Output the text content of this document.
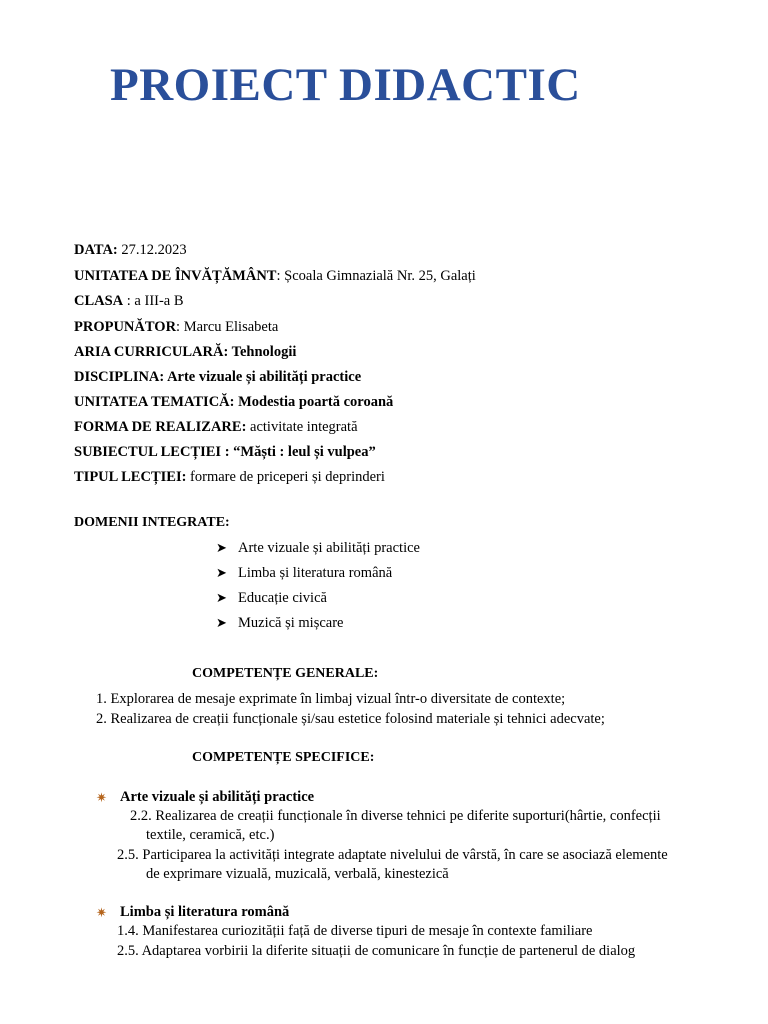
PROIECT DIDACTIC
DATA: 27.12.2023
UNITATEA DE ÎNVĂȚĂMÂNT: Școala Gimnazială Nr. 25, Galați
CLASA : a III-a B
PROPUNĂTOR: Marcu Elisabeta
ARIA CURRICULARĂ: Tehnologii
DISCIPLINA: Arte vizuale și abilități practice
UNITATEA TEMATICĂ: Modestia poartă coroană
FORMA DE REALIZARE: activitate integrată
SUBIECTUL LECȚIEI : “Măști : leul și vulpea”
TIPUL LECȚIEI: formare de priceperi și deprinderi
DOMENII INTEGRATE:
➤ Arte vizuale și abilități practice
➤ Limba și literatura română
➤ Educație civică
➤ Muzică și mișcare
COMPETENȚE GENERALE:
1. Explorarea de mesaje exprimate în limbaj vizual într-o diversitate de contexte;
2. Realizarea de creații funcționale și/sau estetice folosind materiale și tehnici adecvate;
COMPETENȚE SPECIFICE:
✷ Arte vizuale și abilități practice
2.2. Realizarea de creații funcționale în diverse tehnici pe diferite suporturi(hârtie, confecții
textile, ceramică, etc.)
2.5. Participarea la activități integrate adaptate nivelului de vârstă, în care se asociază elemente
de exprimare vizuală, muzicală, verbală, kinestezică
✷ Limba și literatura română
1.4. Manifestarea curiozității față de diverse tipuri de mesaje în contexte familiare
2.5. Adaptarea vorbirii la diferite situații de comunicare în funcție de partenerul de dialog
